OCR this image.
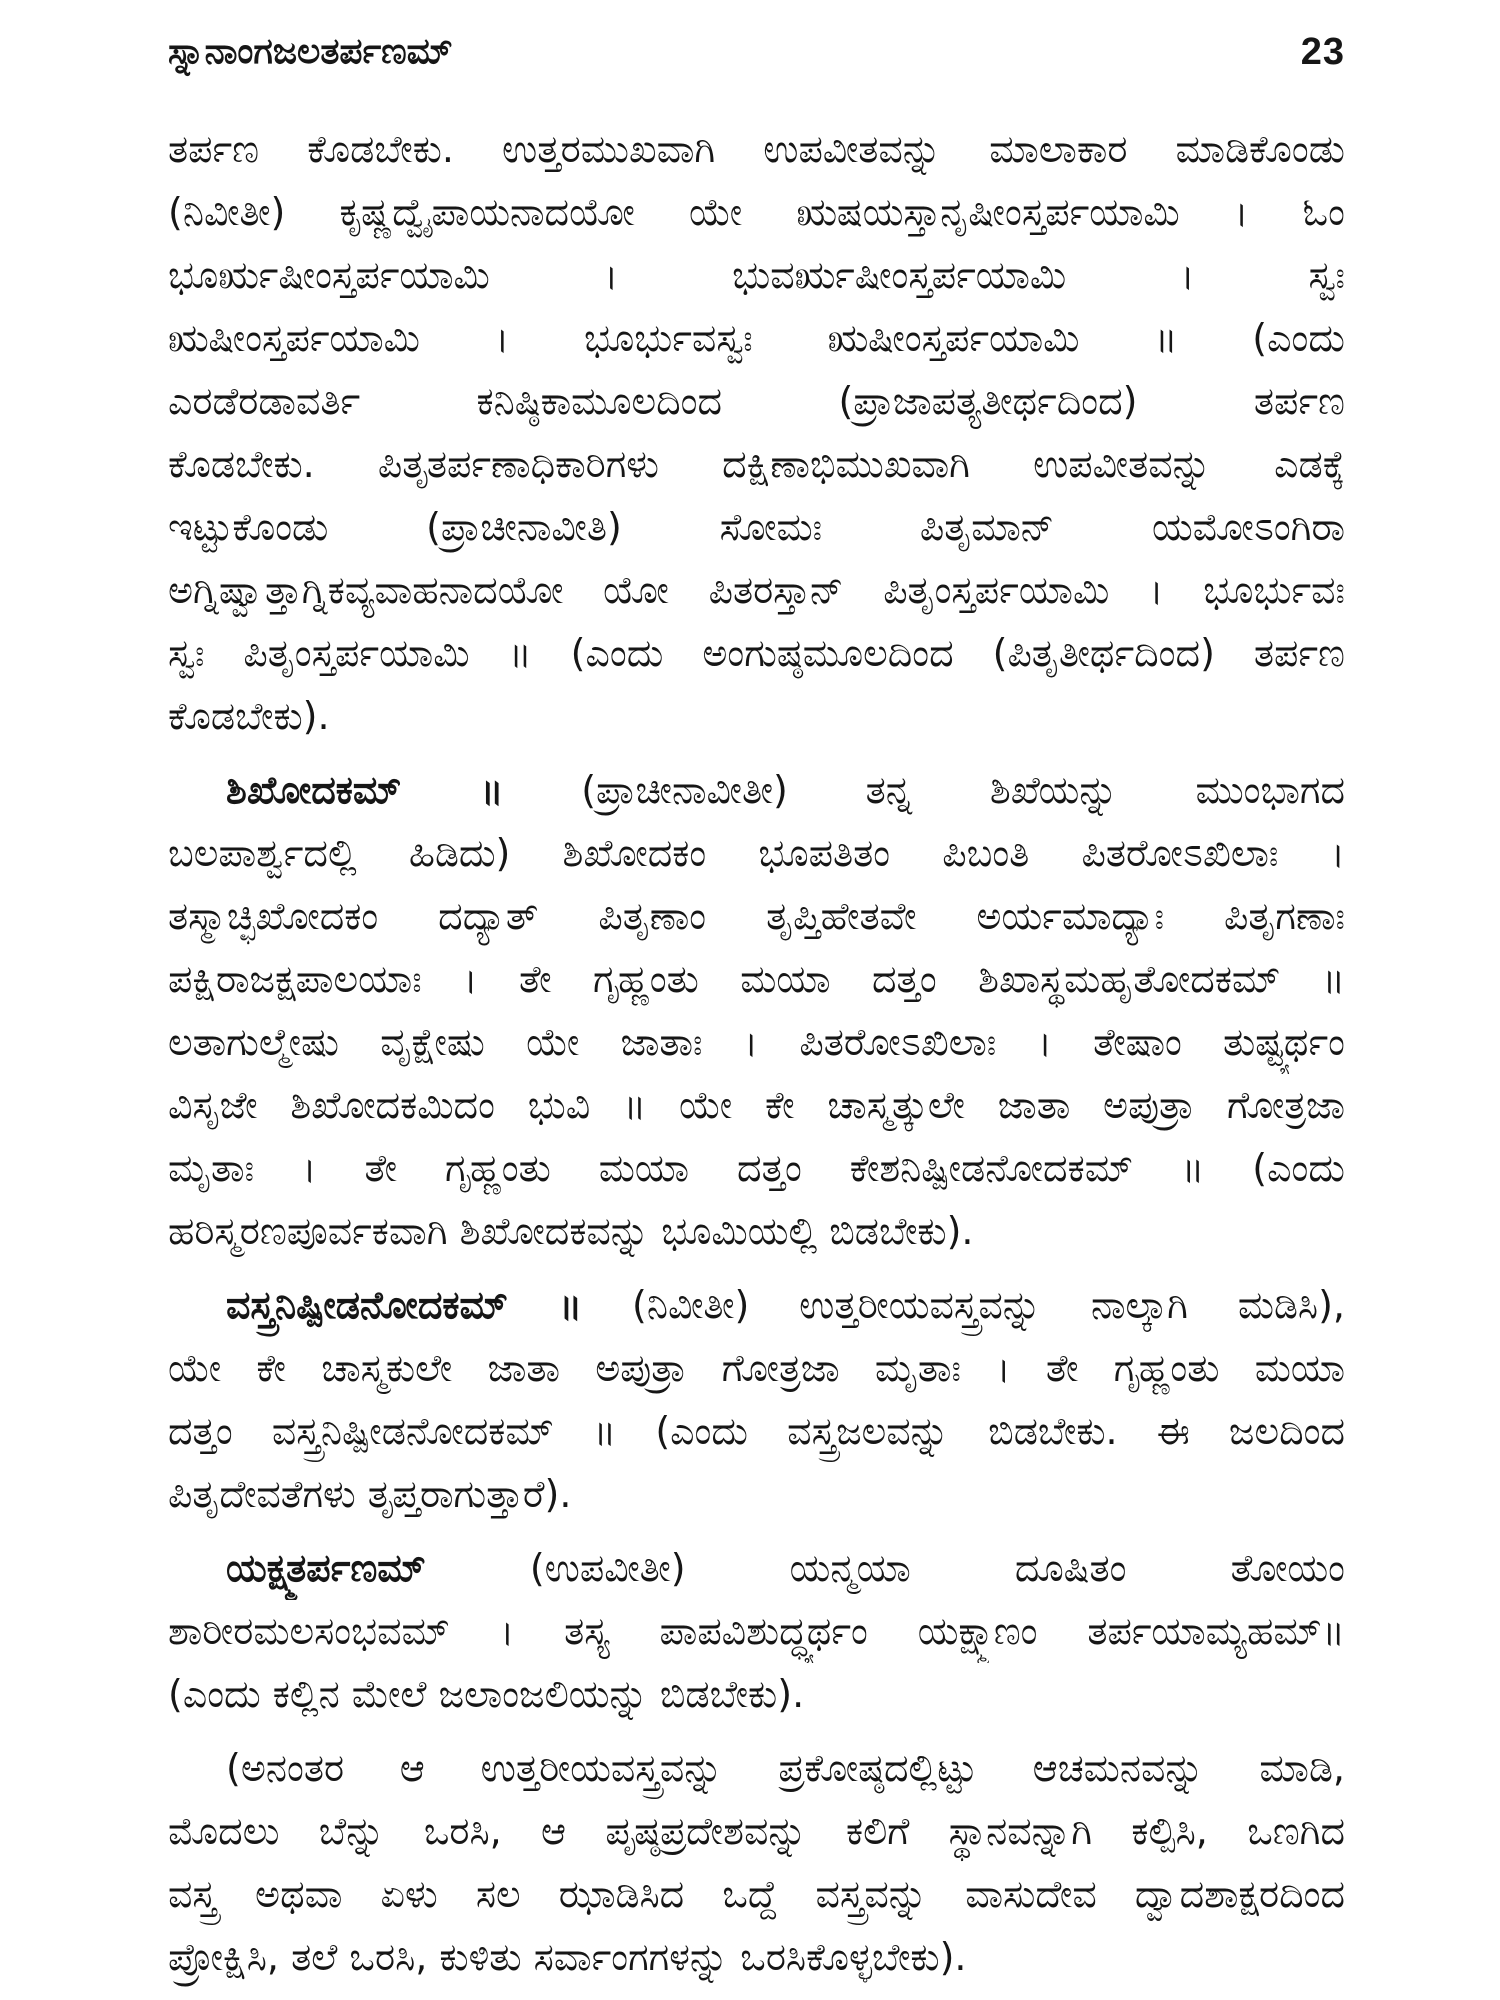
ಸ್ನಾನಾಂಗಜಲತರ್ಪಣಮ್	23
ತರ್ಪಣ ಕೊಡಬೇಕು. ಉತ್ತರಮುಖವಾಗಿ ಉಪವೀತವನ್ನು ಮಾಲಾಕಾರ ಮಾಡಿಕೊಂಡು
(ನಿವೀತೀ) ಕೃಷ್ಣದ್ವೈಪಾಯನಾದಯೋ ಯೇ ಋಷಯಸ್ತಾನೃಷೀಂಸ್ತರ್ಪಯಾಮಿ । ಓಂ
ಭೂರ್ಋಷೀಂಸ್ತರ್ಪಯಾಮಿ । ಭುವರ್ಋಷೀಂಸ್ತರ್ಪಯಾಮಿ । ಸ್ವಃ
ಋಷೀಂಸ್ತರ್ಪಯಾಮಿ । ಭೂರ್ಭುವಸ್ವಃ ಋಷೀಂಸ್ತರ್ಪಯಾಮಿ ॥ (ಎಂದು
ಎರಡೆರಡಾವರ್ತಿ ಕನಿಷ್ಠಿಕಾಮೂಲದಿಂದ (ಪ್ರಾಜಾಪತ್ಯತೀರ್ಥದಿಂದ) ತರ್ಪಣ
ಕೊಡಬೇಕು. ಪಿತೃತರ್ಪಣಾಧಿಕಾರಿಗಳು ದಕ್ಷಿಣಾಭಿಮುಖವಾಗಿ ಉಪವೀತವನ್ನು ಎಡಕ್ಕೆ
ಇಟ್ಟುಕೊಂಡು (ಪ್ರಾಚೀನಾವೀತಿ) ಸೋಮಃ ಪಿತೃಮಾನ್ ಯಮೋಽಂಗಿರಾ
ಅಗ್ನಿಷ್ವಾತ್ತಾಗ್ನಿಕವ್ಯವಾಹನಾದಯೋ ಯೋ ಪಿತರಸ್ತಾನ್ ಪಿತೃಂಸ್ತರ್ಪಯಾಮಿ । ಭೂರ್ಭುವಃ
ಸ್ವಃ ಪಿತೃಂಸ್ತರ್ಪಯಾಮಿ ॥ (ಎಂದು ಅಂಗುಷ್ಠಮೂಲದಿಂದ (ಪಿತೃತೀರ್ಥದಿಂದ) ತರ್ಪಣ
ಕೊಡಬೇಕು).
ಶಿಖೋದಕಮ್ ॥ (ಪ್ರಾಚೀನಾವೀತೀ) ತನ್ನ ಶಿಖೆಯನ್ನು ಮುಂಭಾಗದ
ಬಲಪಾರ್ಶ್ವದಲ್ಲಿ ಹಿಡಿದು) ಶಿಖೋದಕಂ ಭೂಪತಿತಂ ಪಿಬಂತಿ ಪಿತರೋಽಖಿಲಾಃ ।
ತಸ್ಮಾಚ್ಛಿಖೋದಕಂ ದದ್ಯಾತ್ ಪಿತೃಣಾಂ ತೃಪ್ತಿಹೇತವೇ ಅರ್ಯಮಾದ್ಯಾಃ ಪಿತೃಗಣಾಃ
ಪಕ್ಷಿರಾಜಕ್ಷಪಾಲಯಾಃ । ತೇ ಗೃಹ್ಣಂತು ಮಯಾ ದತ್ತಂ ಶಿಖಾಸ್ಥಮಹೃತೋದಕಮ್ ॥
ಲತಾಗುಲ್ಮೇಷು ವೃಕ್ಷೇಷು ಯೇ ಜಾತಾಃ । ಪಿತರೋಽಖಿಲಾಃ । ತೇಷಾಂ ತುಷ್ಟ್ಯರ್ಥಂ
ವಿಸೃಜೇ ಶಿಖೋದಕಮಿದಂ ಭುವಿ ॥ ಯೇ ಕೇ ಚಾಸ್ಮತ್ಕುಲೇ ಜಾತಾ ಅಪುತ್ರಾ ಗೋತ್ರಜಾ
ಮೃತಾಃ । ತೇ ಗೃಹ್ಣಂತು ಮಯಾ ದತ್ತಂ ಕೇಶನಿಷ್ಪೀಡನೋದಕಮ್ ॥ (ಎಂದು
ಹರಿಸ್ಮರಣಪೂರ್ವಕವಾಗಿ ಶಿಖೋದಕವನ್ನು ಭೂಮಿಯಲ್ಲಿ ಬಿಡಬೇಕು).
ವಸ್ತ್ರನಿಷ್ಪೀಡನೋದಕಮ್ ॥ (ನಿವೀತೀ) ಉತ್ತರೀಯವಸ್ತ್ರವನ್ನು ನಾಲ್ಕಾಗಿ ಮಡಿಸಿ),
ಯೇ ಕೇ ಚಾಸ್ಮಕುಲೇ ಜಾತಾ ಅಪುತ್ರಾ ಗೋತ್ರಜಾ ಮೃತಾಃ । ತೇ ಗೃಹ್ಣಂತು ಮಯಾ
ದತ್ತಂ ವಸ್ತ್ರನಿಷ್ಪೀಡನೋದಕಮ್ ॥ (ಎಂದು ವಸ್ತ್ರಜಲವನ್ನು ಬಿಡಬೇಕು. ಈ ಜಲದಿಂದ
ಪಿತೃದೇವತೆಗಳು ತೃಪ್ತರಾಗುತ್ತಾರೆ).
ಯಕ್ಷ್ಮತರ್ಪಣಮ್	(ಉಪವೀತೀ) ಯನ್ಮಯಾ ದೂಷಿತಂ ತೋಯಂ
ಶಾರೀರಮಲಸಂಭವಮ್ । ತಸ್ಯ ಪಾಪವಿಶುದ್ಧ್ಯರ್ಥಂ ಯಕ್ಷ್ಮಾಣಂ ತರ್ಪಯಾಮ್ಯಹಮ್॥
(ಎಂದು ಕಲ್ಲಿನ ಮೇಲೆ ಜಲಾಂಜಲಿಯನ್ನು ಬಿಡಬೇಕು).
(ಅನಂತರ ಆ ಉತ್ತರೀಯವಸ್ತ್ರವನ್ನು ಪ್ರಕೋಷ್ಠದಲ್ಲಿಟ್ಟು ಆಚಮನವನ್ನು ಮಾಡಿ,
ಮೊದಲು ಬೆನ್ನು ಒರಸಿ, ಆ ಪೃಷ್ಠಪ್ರದೇಶವನ್ನು ಕಲಿಗೆ ಸ್ಥಾನವನ್ನಾಗಿ ಕಲ್ಪಿಸಿ, ಒಣಗಿದ
ವಸ್ತ್ರ ಅಥವಾ ಏಳು ಸಲ ಝಾಡಿಸಿದ ಒದ್ದೆ ವಸ್ತ್ರವನ್ನು ವಾಸುದೇವ ದ್ವಾದಶಾಕ್ಷರದಿಂದ
ಪ್ರೋಕ್ಷಿಸಿ, ತಲೆ ಒರಸಿ, ಕುಳಿತು ಸರ್ವಾಂಗಗಳನ್ನು ಒರಸಿಕೊಳ್ಳಬೇಕು).
